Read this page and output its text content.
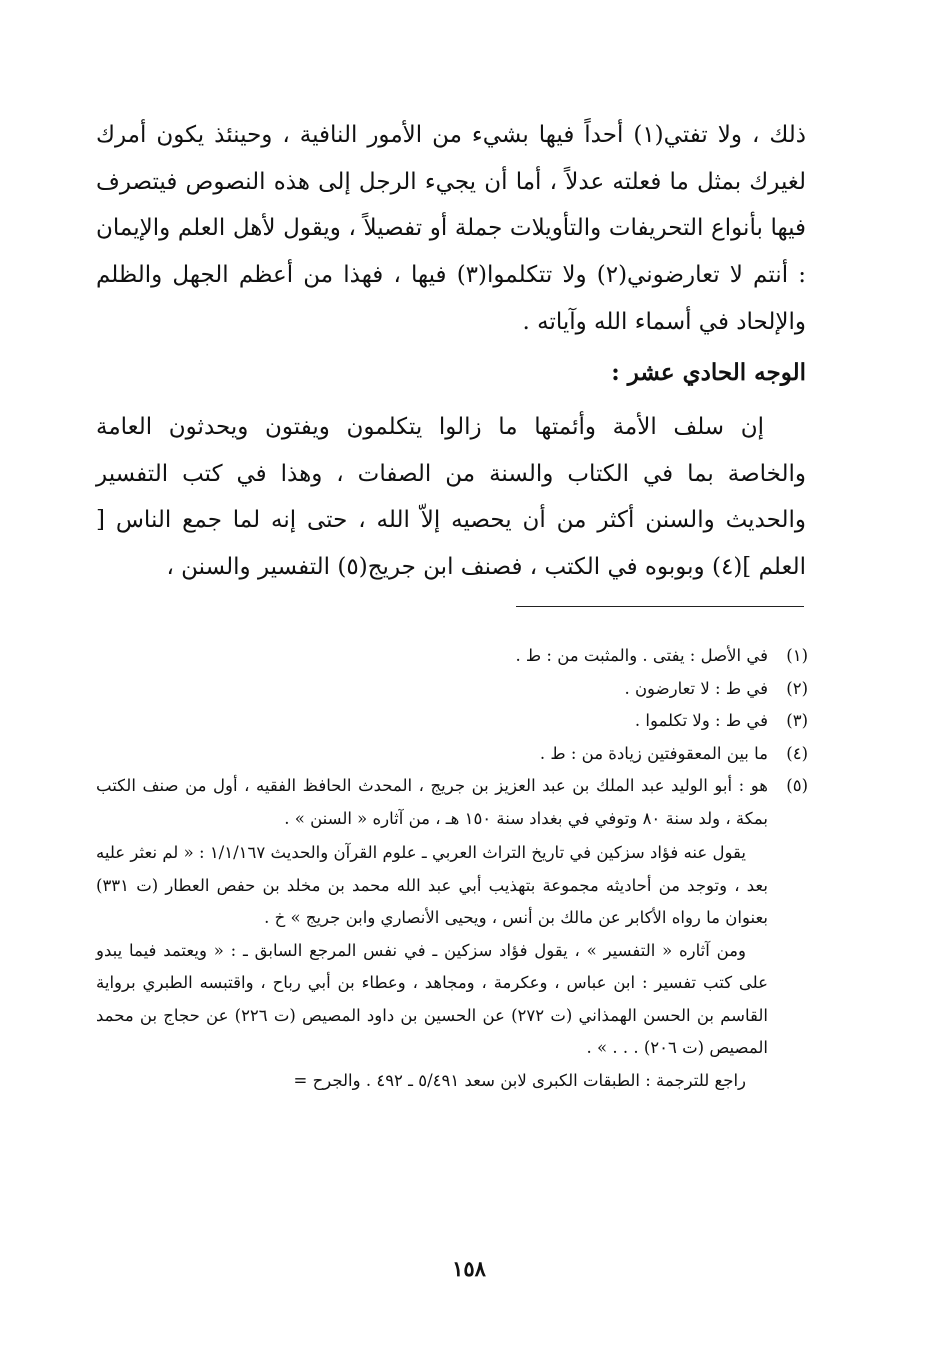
ذلك ، ولا تفتي(١) أحداً فيها بشيء من الأمور النافية ، وحينئذ يكون أمرك لغيرك بمثل ما فعلته عدلاً ، أما أن يجيء الرجل إلى هذه النصوص فيتصرف فيها بأنواع التحريفات والتأويلات جملة أو تفصيلاً ، ويقول لأهل العلم والإيمان : أنتم لا تعارضوني(٢) ولا تتكلموا(٣) فيها ، فهذا من أعظم الجهل والظلم والإلحاد في أسماء الله وآياته .

الوجه الحادي عشر :

إن سلف الأمة وأئمتها ما زالوا يتكلمون ويفتون ويحدثون العامة والخاصة بما في الكتاب والسنة من الصفات ، وهذا في كتب التفسير والحديث والسنن أكثر من أن يحصيه إلاّ الله ، حتى إنه لما جمع الناس [ العلم ](٤) وبوبوه في الكتب ، فصنف ابن جريج(٥) التفسير والسنن ،

(١)
في الأصل : يفتى . والمثبت من : ط .
(٢)
في ط : لا تعارضون .
(٣)
في ط : ولا تكلموا .
(٤)
ما بين المعقوفتين زيادة من : ط .
(٥)
هو : أبو الوليد عبد الملك بن عبد العزيز بن جريج ، المحدث الحافظ الفقيه ، أول من صنف الكتب بمكة ، ولد سنة ٨٠ وتوفي في بغداد سنة ١٥٠ هـ ، من آثاره « السنن » .

يقول عنه فؤاد سزكين في تاريخ التراث العربي ـ علوم القرآن والحديث ١/١/١٦٧ : « لم نعثر عليه بعد ، وتوجد من أحاديثه مجموعة بتهذيب أبي عبد الله محمد بن مخلد بن حفص العطار (ت ٣٣١) بعنوان ما رواه الأكابر عن مالك بن أنس ، ويحيى الأنصاري وابن جريج » خ .

ومن آثاره « التفسير » ، يقول فؤاد سزكين ـ في نفس المرجع السابق ـ : « ويعتمد فيما يبدو على كتب تفسير : ابن عباس ، وعكرمة ، ومجاهد ، وعطاء بن أبي رباح ، واقتبسه الطبري برواية القاسم بن الحسن الهمذاني (ت ٢٧٢) عن الحسين بن داود المصيص (ت ٢٢٦) عن حجاج بن محمد المصيص (ت ٢٠٦) . . . » .

راجع للترجمة : الطبقات الكبرى لابن سعد ٥/٤٩١ ـ ٤٩٢ . والجرح =

١٥٨
